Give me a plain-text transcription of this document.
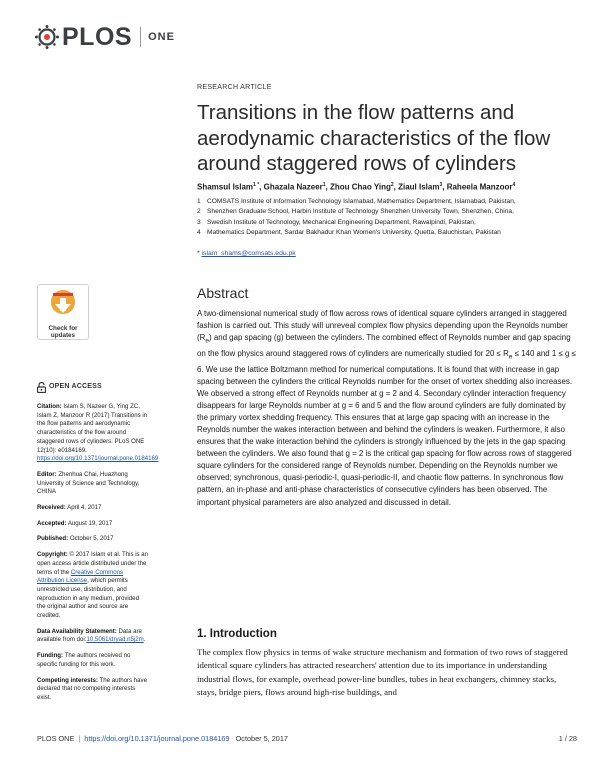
PLOS ONE
RESEARCH ARTICLE
Transitions in the flow patterns and aerodynamic characteristics of the flow around staggered rows of cylinders
Shamsul Islam$^{1 *}$, Ghazala Nazeer$^1$, Zhou Chao Ying$^2$, Ziaul Islam$^3$, Raheela Manzoor$^4$
1 COMSATS Institute of Information Technology Islamabad, Mathematics Department, Islamabad, Pakistan,
2 Shenzhen Graduate School, Harbin Institute of Technology Shenzhen University Town, Shenzhen, China,
3 Swedish Institute of Technology, Mechanical Engineering Department, Rawalpindi, Pakistan,
4 Mathematics Department, Sardar Bakhadur Khan Women's University, Quetta, Baluchistan, Pakistan
* islam_shams@comsats.edu.pk
Abstract

A two-dimensional numerical study of flow across rows of identical square cylinders arranged in staggered fashion is carried out. This study will unreveal complex flow physics depending upon the Reynolds number $(R_e)$ and gap spacing (g) between the cylinders. The combined effect of Reynolds number and gap spacing on the flow physics around staggered rows of cylinders are numerically studied for $20 \le R_e \le 140$ and 1 ≤ g ≤ 6. We use the lattice Boltzmann method for numerical computations. It is found that with increase in gap spacing between the cylinders the critical Reynolds number for the onset of vortex shedding also increases. We observed a strong effect of Reynolds number at g = 2 and 4. Secondary cylinder interaction frequency disappears for large Reynolds number at g = 6 and 5 and the flow around cylinders are fully dominated by the primary vortex shedding frequency. This ensures that at large gap spacing with an increase in the Reynolds number the wakes interaction between and behind the cylinders is weaken. Furthermore, it also ensures that the wake interaction behind the cylinders is strongly influenced by the jets in the gap spacing between the cylinders. We also found that g = 2 is the critical gap spacing for flow across rows of staggered square cylinders for the considered range of Reynolds number. Depending on the Reynolds number we observed; synchronous, quasi-periodic-I, quasi-periodic-II, and chaotic flow patterns. In synchronous flow pattern, an in-phase and anti-phase characteristics of consecutive cylinders has been observed. The important physical parameters are also analyzed and discussed in detail.

1. Introduction

The complex flow physics in terms of wake structure mechanism and formation of two rows of staggered identical square cylinders has attracted researchers' attention due to its importance in understanding industrial flows, for example, overhead power-line bundles, tubes in heat exchangers, chimney stacks, stays, bridge piers, flows around high-rise buildings, and

Check for
updates
OPEN ACCESS

Citation: Islam S, Nazeer G, Ying ZC, Islam Z, Manzoor R (2017) Transitions in the flow patterns and aerodynamic characteristics of the flow around staggered rows of cylinders. PLoS ONE 12(10): e0184169. https://doi.org/10.1371/journal.pone.0184169

Editor: Zhenhua Chai, Huazhong University of Science and Technology, CHINA

Received: April 4, 2017

Accepted: August 19, 2017

Published: October 5, 2017

Copyright: © 2017 Islam et al. This is an open access article distributed under the terms of the Creative Commons Attribution License, which permits unrestricted use, distribution, and reproduction in any medium, provided the original author and source are credited.

Data Availability Statement: Data are available from doi:10.5061/dryad.n5j2m.

Funding: The authors received no specific funding for this work.

Competing interests: The authors have declared that no competing interests exist.

PLOS ONE | https://doi.org/10.1371/journal.pone.0184169 October 5, 2017	1 / 28
